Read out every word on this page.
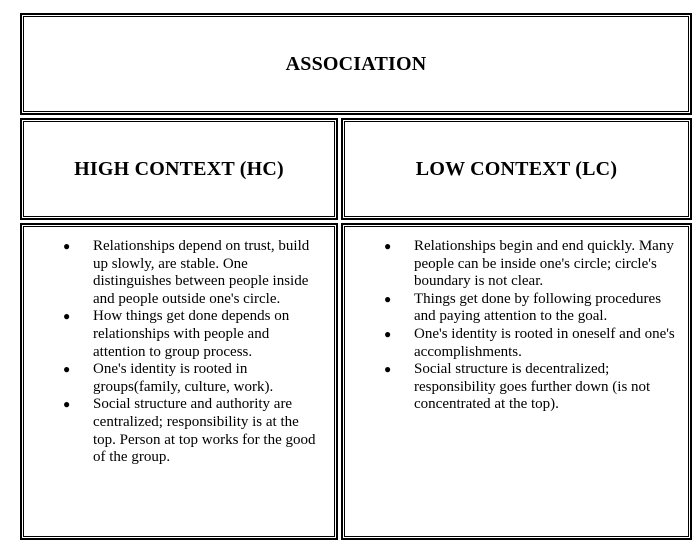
ASSOCIATION
HIGH CONTEXT (HC)	LOW CONTEXT (LC)
● Relationships depend on trust, build up slowly, are stable. One distinguishes between people inside and people outside one's circle.
● How things get done depends on relationships with people and attention to group process.
● One's identity is rooted in groups(family, culture, work).
● Social structure and authority are centralized; responsibility is at the top. Person at top works for the good of the group.
● Relationships begin and end quickly. Many people can be inside one's circle; circle's boundary is not clear.
● Things get done by following procedures and paying attention to the goal.
● One's identity is rooted in oneself and one's accomplishments.
● Social structure is decentralized; responsibility goes further down (is not concentrated at the top).
